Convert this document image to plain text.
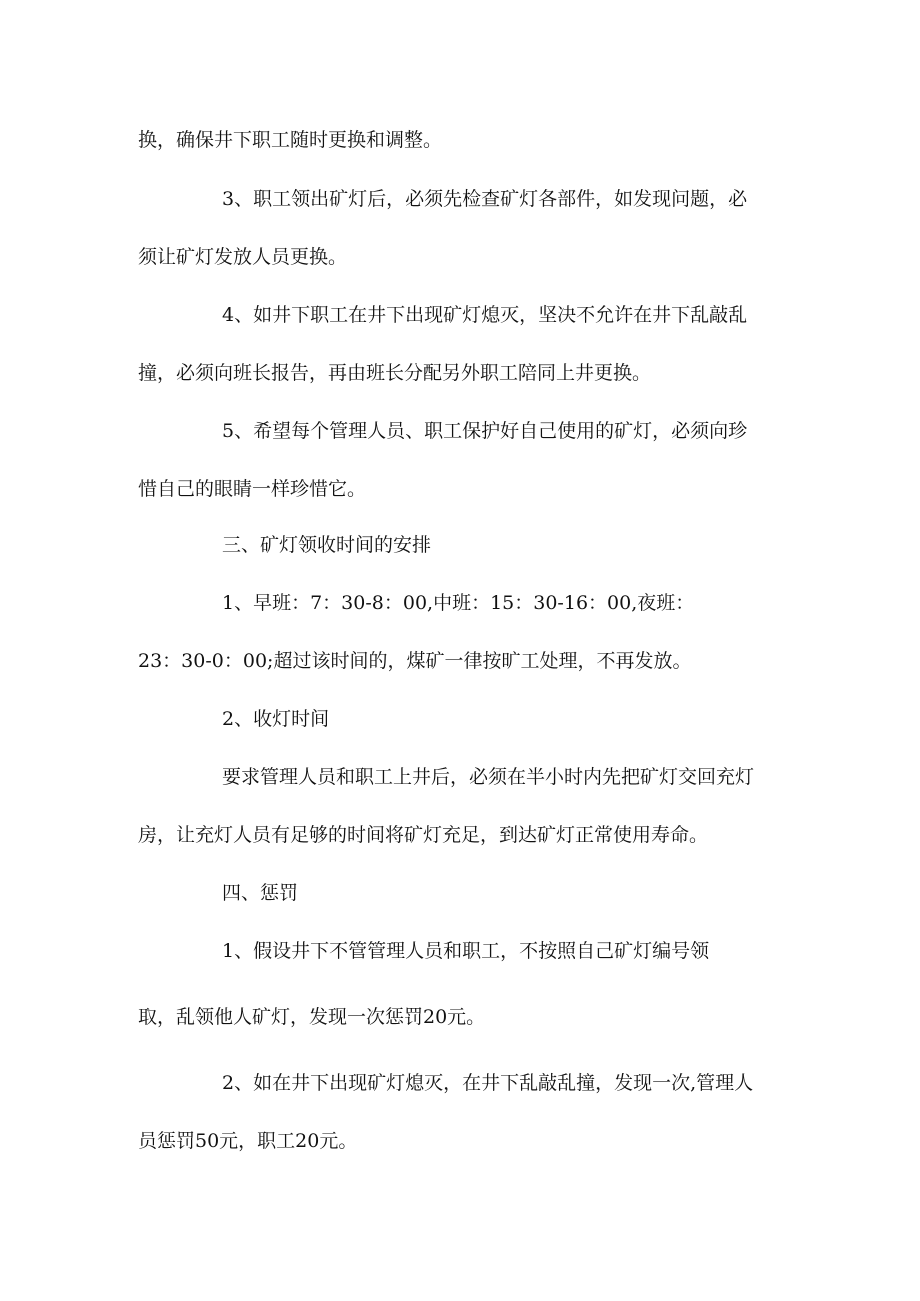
换，确保井下职工随时更换和调整。
3、职工领出矿灯后，必须先检查矿灯各部件，如发现问题，必
须让矿灯发放人员更换。
4、如井下职工在井下出现矿灯熄灭，坚决不允许在井下乱敲乱
撞，必须向班长报告，再由班长分配另外职工陪同上井更换。
5、希望每个管理人员、职工保护好自己使用的矿灯，必须向珍
惜自己的眼睛一样珍惜它。
三、矿灯领收时间的安排
1、早班：7：30-8：00,中班：15：30-16：00,夜班：
23：30-0：00;超过该时间的，煤矿一律按旷工处理，不再发放。
2、收灯时间
要求管理人员和职工上井后，必须在半小时内先把矿灯交回充灯
房，让充灯人员有足够的时间将矿灯充足，到达矿灯正常使用寿命。
四、惩罚
1、假设井下不管管理人员和职工，不按照自己矿灯编号领
取，乱领他人矿灯，发现一次惩罚20元。
2、如在井下出现矿灯熄灭，在井下乱敲乱撞，发现一次,管理人
员惩罚50元，职工20元。
